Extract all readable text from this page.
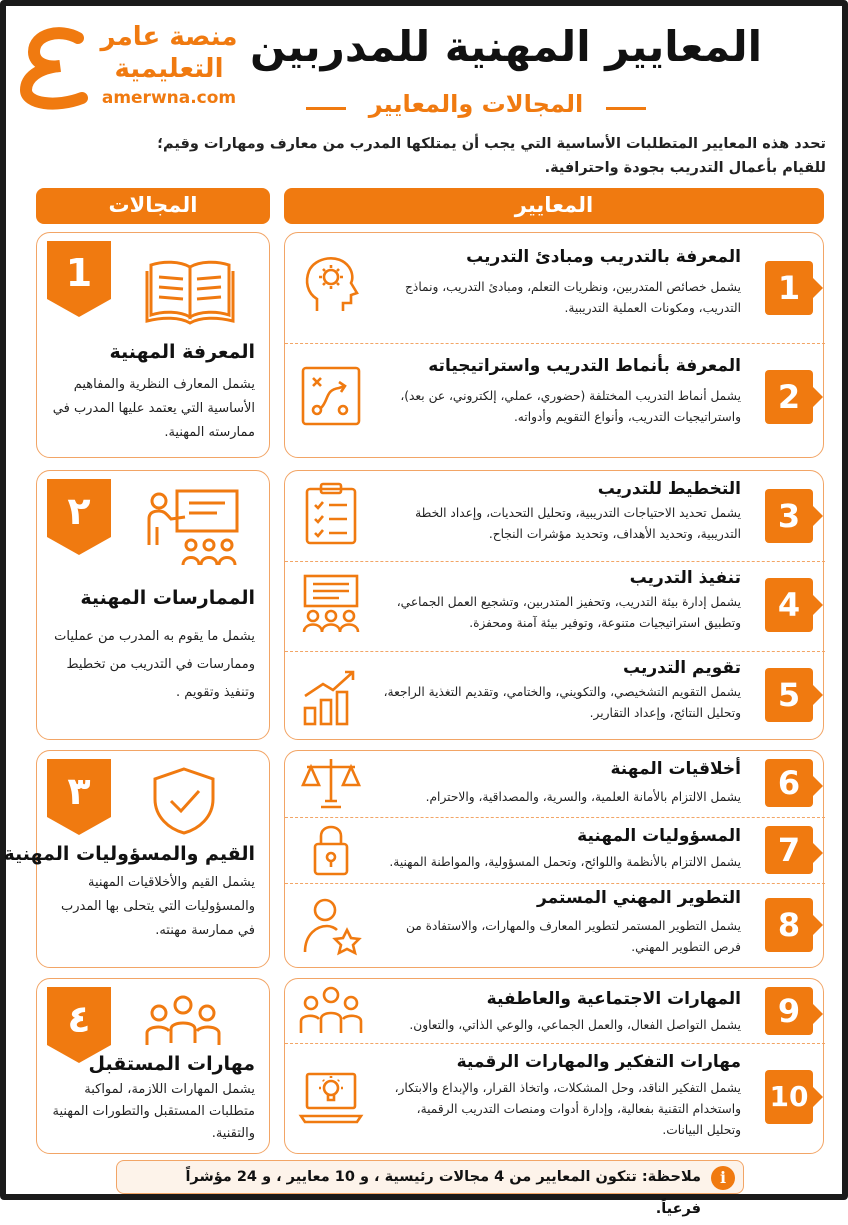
منصة عامر
التعليمية
amerwna.com
المعايير المهنية للمدربين
المجالات والمعايير
تحدد هذه المعايير المتطلبات الأساسية التي يجب أن يمتلكها المدرب من معارف ومهارات وقيم؛
للقيام بأعمال التدريب بجودة واحترافية.
المجالات	المعايير
1
المعرفة المهنية
يشمل المعارف النظرية والمفاهيم الأساسية التي يعتمد عليها المدرب في ممارسته المهنية.
٢
الممارسات المهنية
يشمل ما يقوم به المدرب من عمليات وممارسات في التدريب من تخطيط وتنفيذ وتقويم .
٣
القيم والمسؤوليات المهنية
يشمل القيم والأخلاقيات المهنية والمسؤوليات التي يتحلى بها المدرب في ممارسة مهنته.
٤
مهارات المستقبل
يشمل المهارات اللازمة، لمواكبة متطلبات المستقبل والتطورات المهنية والتقنية.
1
المعرفة بالتدريب ومبادئ التدريب
يشمل خصائص المتدربين، ونظريات التعلم، ومبادئ التدريب، ونماذج التدريب، ومكونات العملية التدريبية.
2
المعرفة بأنماط التدريب واستراتيجياته
يشمل أنماط التدريب المختلفة (حضوري، عملي، إلكتروني، عن بعد)، واستراتيجيات التدريب، وأنواع التقويم وأدواته.
3
التخطيط للتدريب
يشمل تحديد الاحتياجات التدريبية، وتحليل التحديات، وإعداد الخطة التدريبية، وتحديد الأهداف، وتحديد مؤشرات النجاح.
4
تنفيذ التدريب
يشمل إدارة بيئة التدريب، وتحفيز المتدربين، وتشجيع العمل الجماعي، وتطبيق استراتيجيات متنوعة، وتوفير بيئة آمنة ومحفزة.
5
تقويم التدريب
يشمل التقويم التشخيصي، والتكويني، والختامي، وتقديم التغذية الراجعة، وتحليل النتائج، وإعداد التقارير.
6
أخلاقيات المهنة
يشمل الالتزام بالأمانة العلمية، والسرية، والمصداقية، والاحترام.
7
المسؤوليات المهنية
يشمل الالتزام بالأنظمة واللوائح، وتحمل المسؤولية، والمواطنة المهنية.
8
التطوير المهني المستمر
يشمل التطوير المستمر لتطوير المعارف والمهارات، والاستفادة من فرص التطوير المهني.
9
المهارات الاجتماعية والعاطفية
يشمل التواصل الفعال، والعمل الجماعي، والوعي الذاتي، والتعاون.
10
مهارات التفكير والمهارات الرقمية
يشمل التفكير الناقد، وحل المشكلات، واتخاذ القرار، والإبداع والابتكار، واستخدام التقنية بفعالية، وإدارة أدوات ومنصات التدريب الرقمية، وتحليل البيانات.
i
ملاحظة: تتكون المعايير من 4 مجالات رئيسية ، و 10 معايير ، و 24 مؤشراً فرعياً.
